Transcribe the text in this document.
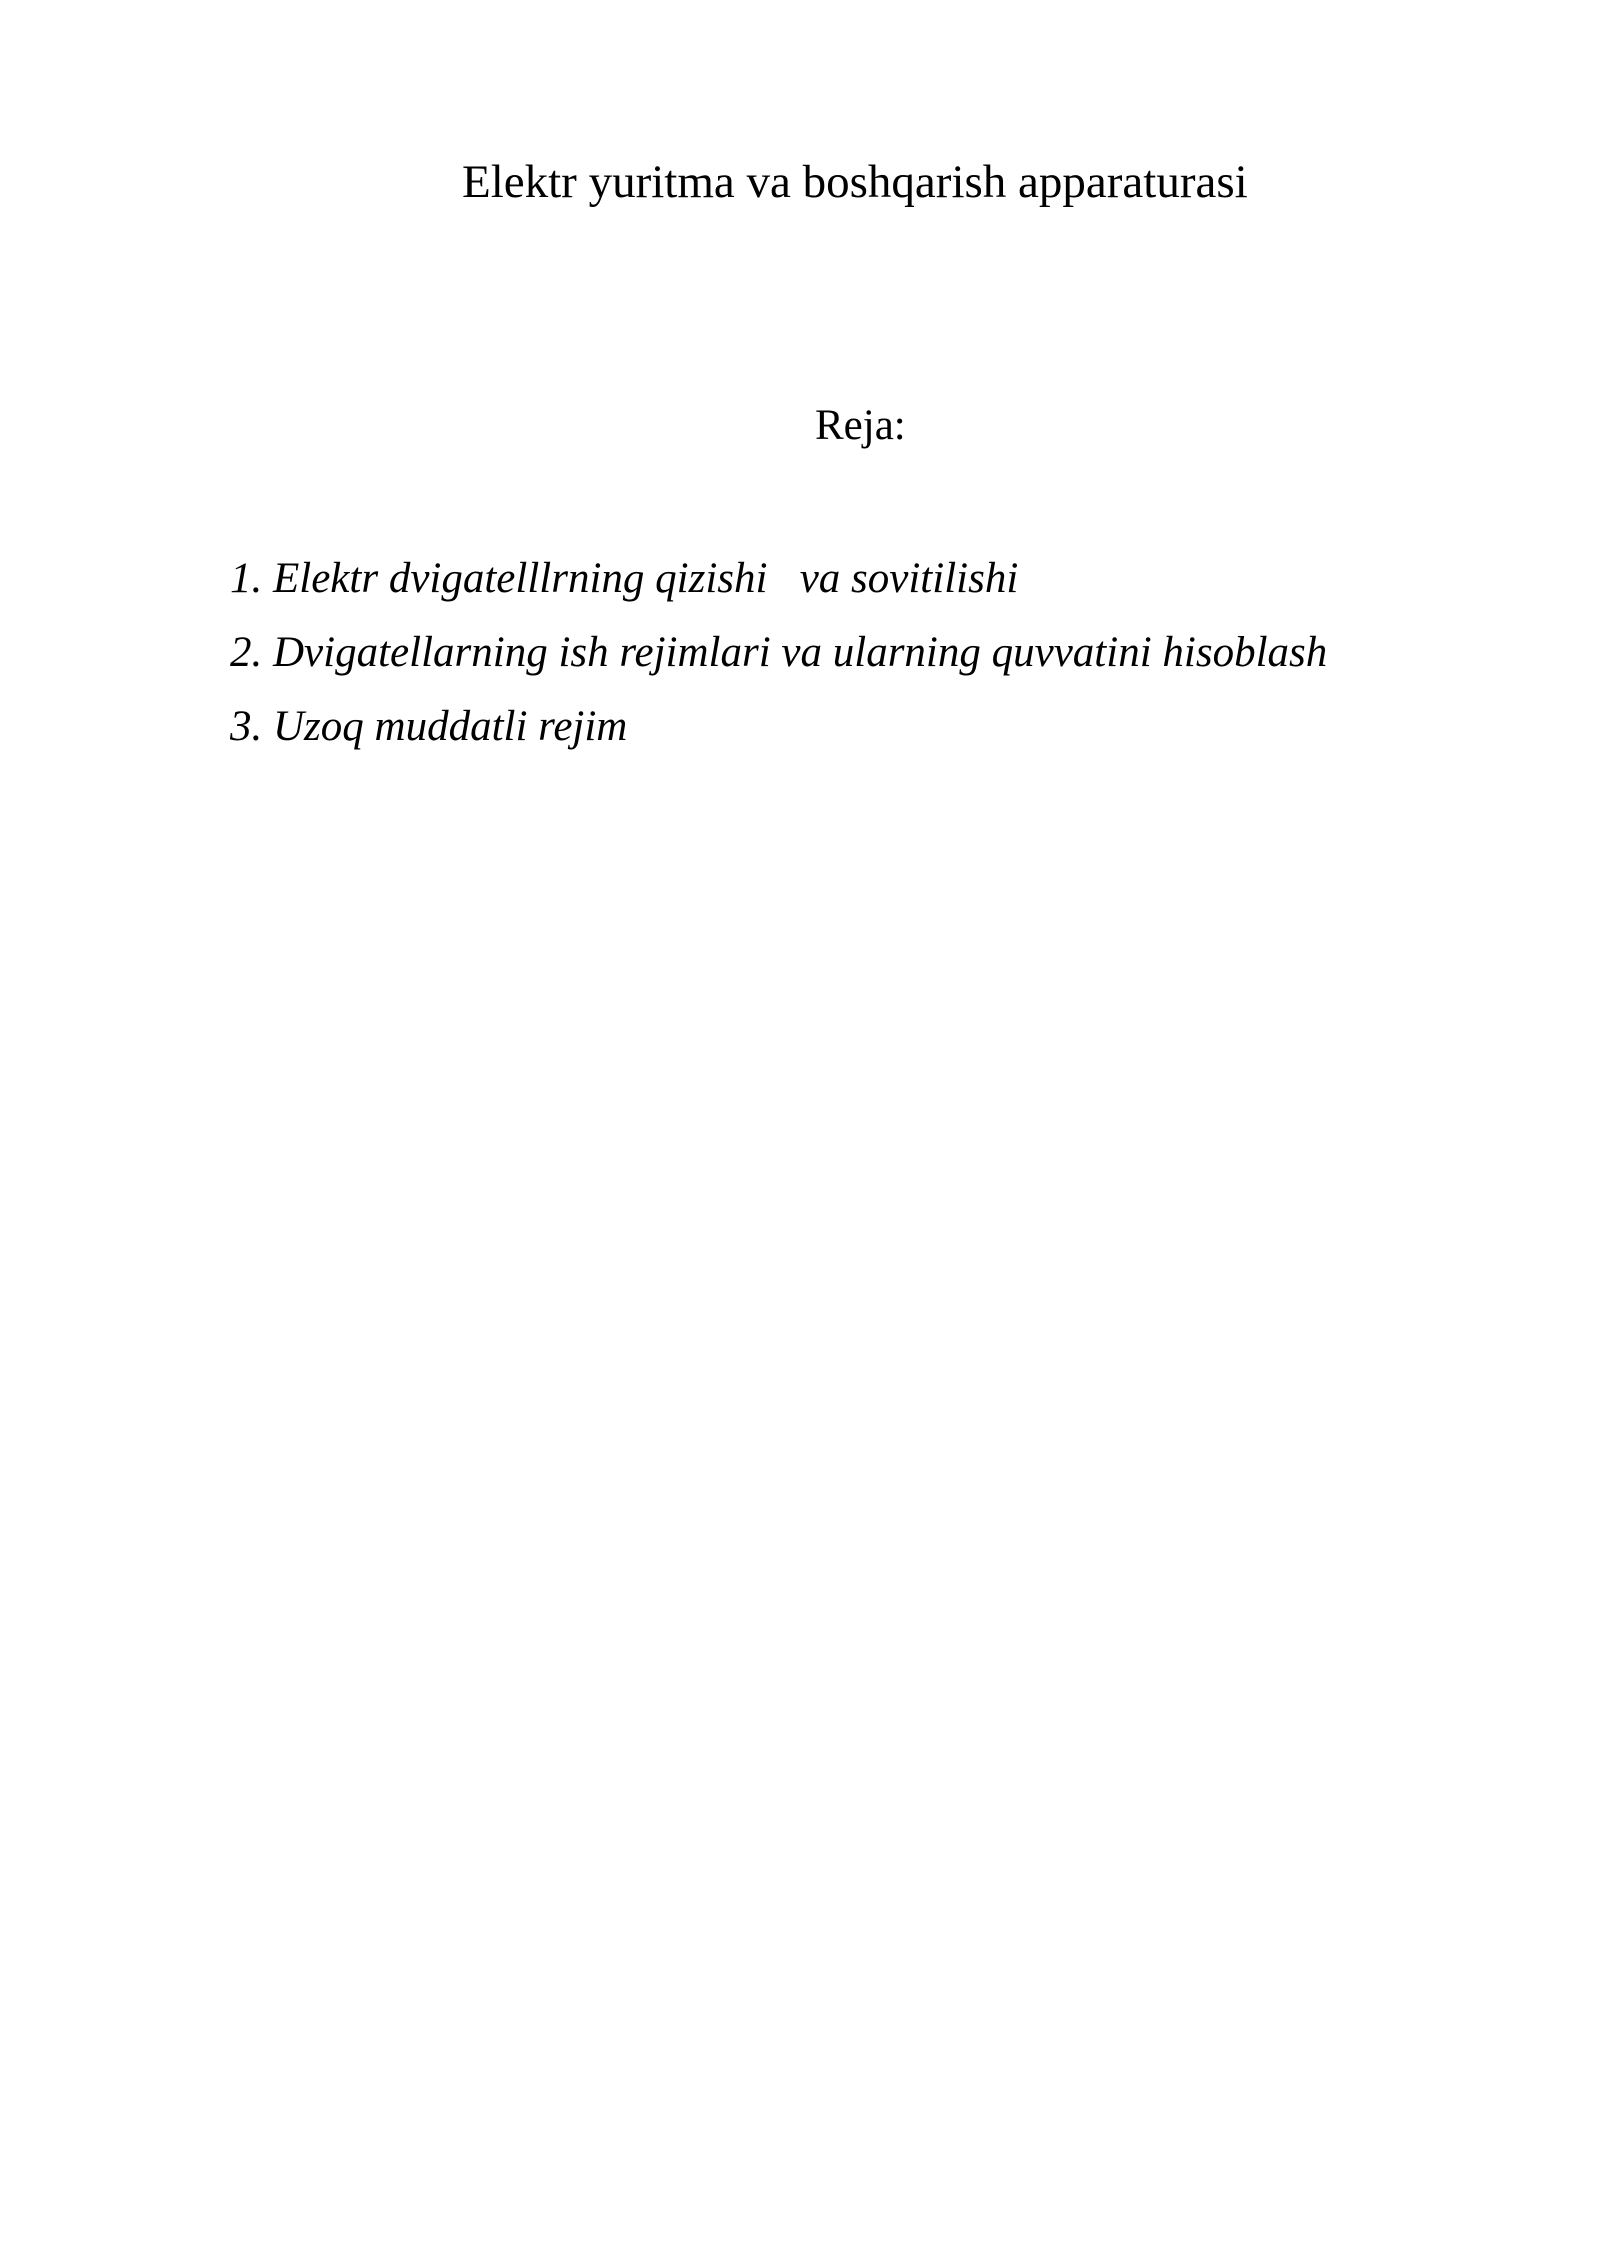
Elektr yuritma va boshqarish apparaturasi
Reja:
1. Elektr dvigatelllrning qizishi   va sovitilishi
2. Dvigatellarning ish rejimlari va ularning quvvatini hisoblash
3. Uzoq muddatli rejim
